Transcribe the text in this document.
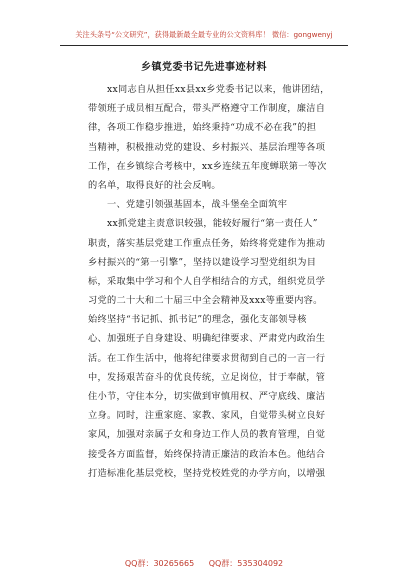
关注头条号“公文研究”，获得最新最全最专业的公文资料库！ 微信：gongwenyj
乡镇党委书记先进事迹材料
xx同志自从担任xx县xx乡党委书记以来，他讲团结，
带领班子成员相互配合，带头严格遵守工作制度，廉洁自
律，各项工作稳步推进，始终秉持“功成不必在我”的担
当精神，积极推动党的建设、乡村振兴、基层治理等各项
工作，在乡镇综合考核中，xx乡连续五年度蝉联第一等次
的名单，取得良好的社会反响。
一、党建引领强基固本，战斗堡垒全面筑牢
xx抓党建主责意识较强，能较好履行“第一责任人”
职责，落实基层党建工作重点任务，始终将党建作为推动
乡村振兴的“第一引擎”，坚持以建设学习型党组织为目
标，采取集中学习和个人自学相结合的方式，组织党员学
习党的二十大和二十届三中全会精神及xxx等重要内容。
始终坚持“书记抓、抓书记”的理念，强化支部领导核
心、加强班子自身建设、明确纪律要求、严肃党内政治生
活。在工作生活中，他将纪律要求贯彻到自己的一言一行
中，发扬艰苦奋斗的优良传统，立足岗位，甘于奉献，管
住小节，守住本分，切实做到审慎用权、严守底线、廉洁
立身。同时，注重家庭、家教、家风，自觉带头树立良好
家风，加强对亲属子女和身边工作人员的教育管理，自觉
接受各方面监督，始终保持清正廉洁的政治本色。他结合
打造标准化基层党校，坚持党校姓党的办学方向，以增强
QQ群：30265665 QQ群：535304092
